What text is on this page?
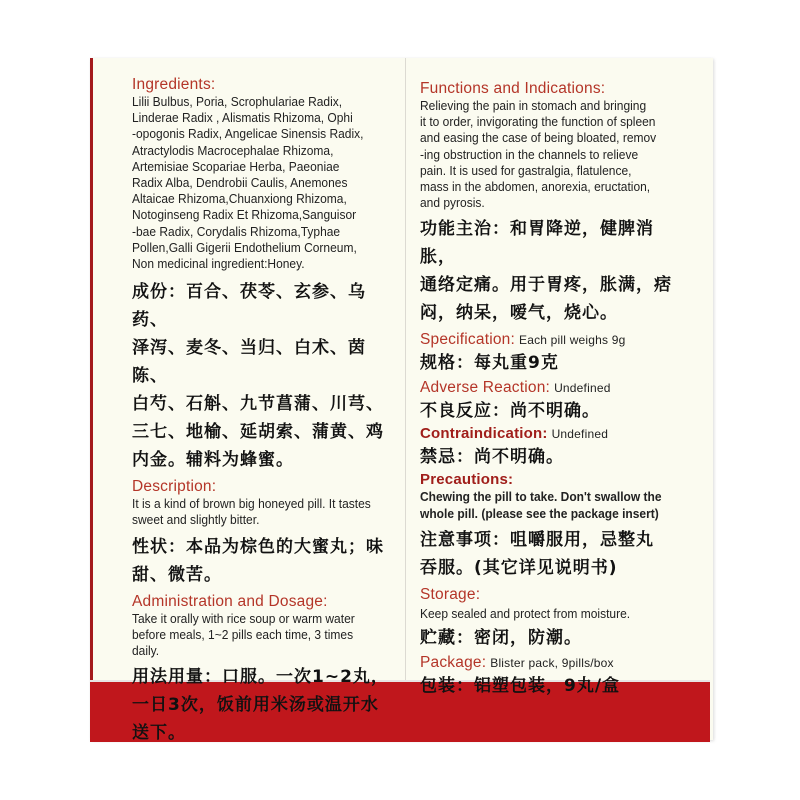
Ingredients:

Lilii Bulbus, Poria, Scrophulariae Radix,

Linderae Radix , Alismatis Rhizoma, Ophi

-opogonis Radix, Angelicae Sinensis Radix,

Atractylodis Macrocephalae Rhizoma,

Artemisiae Scopariae Herba, Paeoniae

Radix Alba, Dendrobii Caulis, Anemones

Altaicae Rhizoma,Chuanxiong Rhizoma,

Notoginseng Radix Et Rhizoma,Sanguisor

-bae Radix, Corydalis Rhizoma,Typhae

Pollen,Galli Gigerii Endothelium Corneum,

Non medicinal ingredient:Honey.

成份：百合、茯苓、玄参、乌药、

泽泻、麦冬、当归、白术、茵陈、

白芍、石斛、九节菖蒲、川芎、

三七、地榆、延胡索、蒲黄、鸡

内金。辅料为蜂蜜。

Description:

It is a kind of brown big honeyed pill. It tastes

sweet and slightly bitter.

性状：本品为棕色的大蜜丸；味

甜、微苦。

Administration and Dosage:

Take it orally with rice soup or warm water

before meals, 1~2 pills each time, 3 times

daily.

用法用量：口服。一次1~2丸，

一日3次，饭前用米汤或温开水

送下。

Functions and Indications:

Relieving the pain in stomach and bringing

it to order, invigorating the function of spleen

and easing the case of being bloated, remov

-ing obstruction in the channels to relieve

pain. It is used for gastralgia, flatulence,

mass in the abdomen, anorexia, eructation,

and pyrosis.

功能主治：和胃降逆，健脾消胀，

通络定痛。用于胃疼，胀满，痞

闷，纳呆，嗳气，烧心。

Specification: Each pill weighs 9g

规格：每丸重9克

Adverse Reaction: Undefined

不良反应：尚不明确。

Contraindication: Undefined

禁忌：尚不明确。

Precautions:

Chewing the pill to take. Don't swallow the

whole pill. (please see the package insert)

注意事项：咀嚼服用，忌整丸

吞服。(其它详见说明书)

Storage:

Keep sealed and protect from moisture.

贮藏：密闭，防潮。

Package: Blister pack, 9pills/box

包装：铝塑包装，9丸/盒
